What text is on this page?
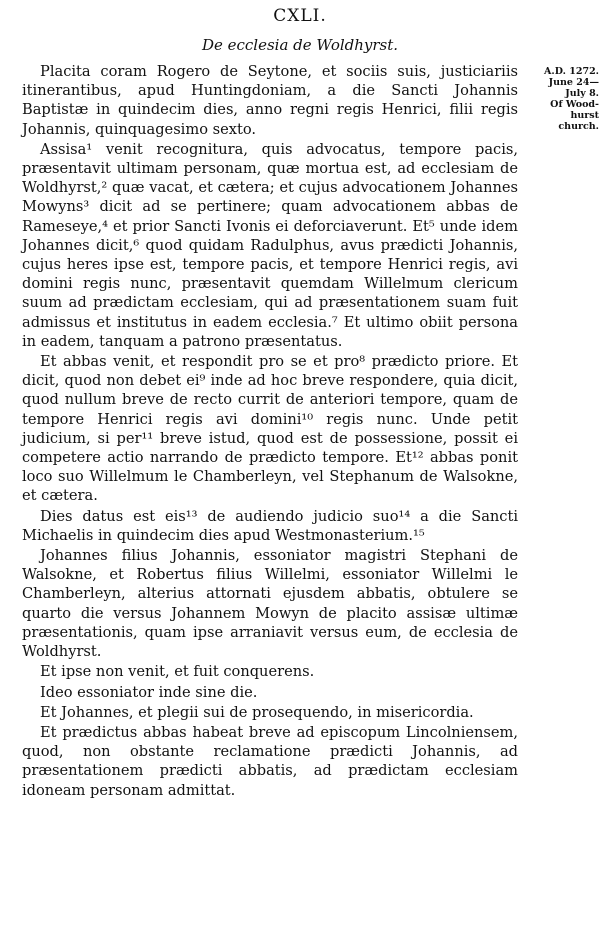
CXLI.
De ecclesia de Woldhyrst.
A.D. 1272.
June 24—
July 8.
Of Wood-
hurst
church.

Placita coram Rogero de Seytone, et sociis suis, justiciariis itinerantibus, apud Huntingdoniam, a die Sancti Johannis Baptistæ in quindecim dies, anno regni regis Henrici, filii regis Johannis, quinquagesimo sexto.

Assisa¹ venit recognitura, quis advocatus, tempore pacis, præsentavit ultimam personam, quæ mortua est, ad ecclesiam de Woldhyrst,² quæ vacat, et cætera; et cujus advocationem Johannes Mowyns³ dicit ad se pertinere; quam advocationem abbas de Rameseye,⁴ et prior Sancti Ivonis ei deforciaverunt. Et⁵ unde idem Johannes dicit,⁶ quod quidam Radulphus, avus prædicti Johannis, cujus heres ipse est, tempore pacis, et tempore Henrici regis, avi domini regis nunc, præsentavit quemdam Willelmum clericum suum ad prædictam ecclesiam, qui ad præsentationem suam fuit admissus et institutus in eadem ecclesia.⁷ Et ultimo obiit persona in eadem, tanquam a patrono præsentatus.

Et abbas venit, et respondit pro se et pro⁸ prædicto priore. Et dicit, quod non debet ei⁹ inde ad hoc breve respondere, quia dicit, quod nullum breve de recto currit de anteriori tempore, quam de tempore Henrici regis avi domini¹⁰ regis nunc. Unde petit judicium, si per¹¹ breve istud, quod est de possessione, possit ei competere actio narrando de prædicto tempore. Et¹² abbas ponit loco suo Willelmum le Chamberleyn, vel Stephanum de Walsokne, et cætera.

Dies datus est eis¹³ de audiendo judicio suo¹⁴ a die Sancti Michaelis in quindecim dies apud Westmonasterium.¹⁵

Johannes filius Johannis, essoniator magistri Stephani de Walsokne, et Robertus filius Willelmi, essoniator Willelmi le Chamberleyn, alterius attornati ejusdem abbatis, obtulere se quarto die versus Johannem Mowyn de placito assisæ ultimæ præsentationis, quam ipse arraniavit versus eum, de ecclesia de Woldhyrst.

Et ipse non venit, et fuit conquerens.

Ideo essoniator inde sine die.

Et Johannes, et plegii sui de prosequendo, in misericordia.

Et prædictus abbas habeat breve ad episcopum Lincolniensem, quod, non obstante reclamatione prædicti Johannis, ad præsentationem prædicti abbatis, ad prædictam ecclesiam idoneam personam admittat.
